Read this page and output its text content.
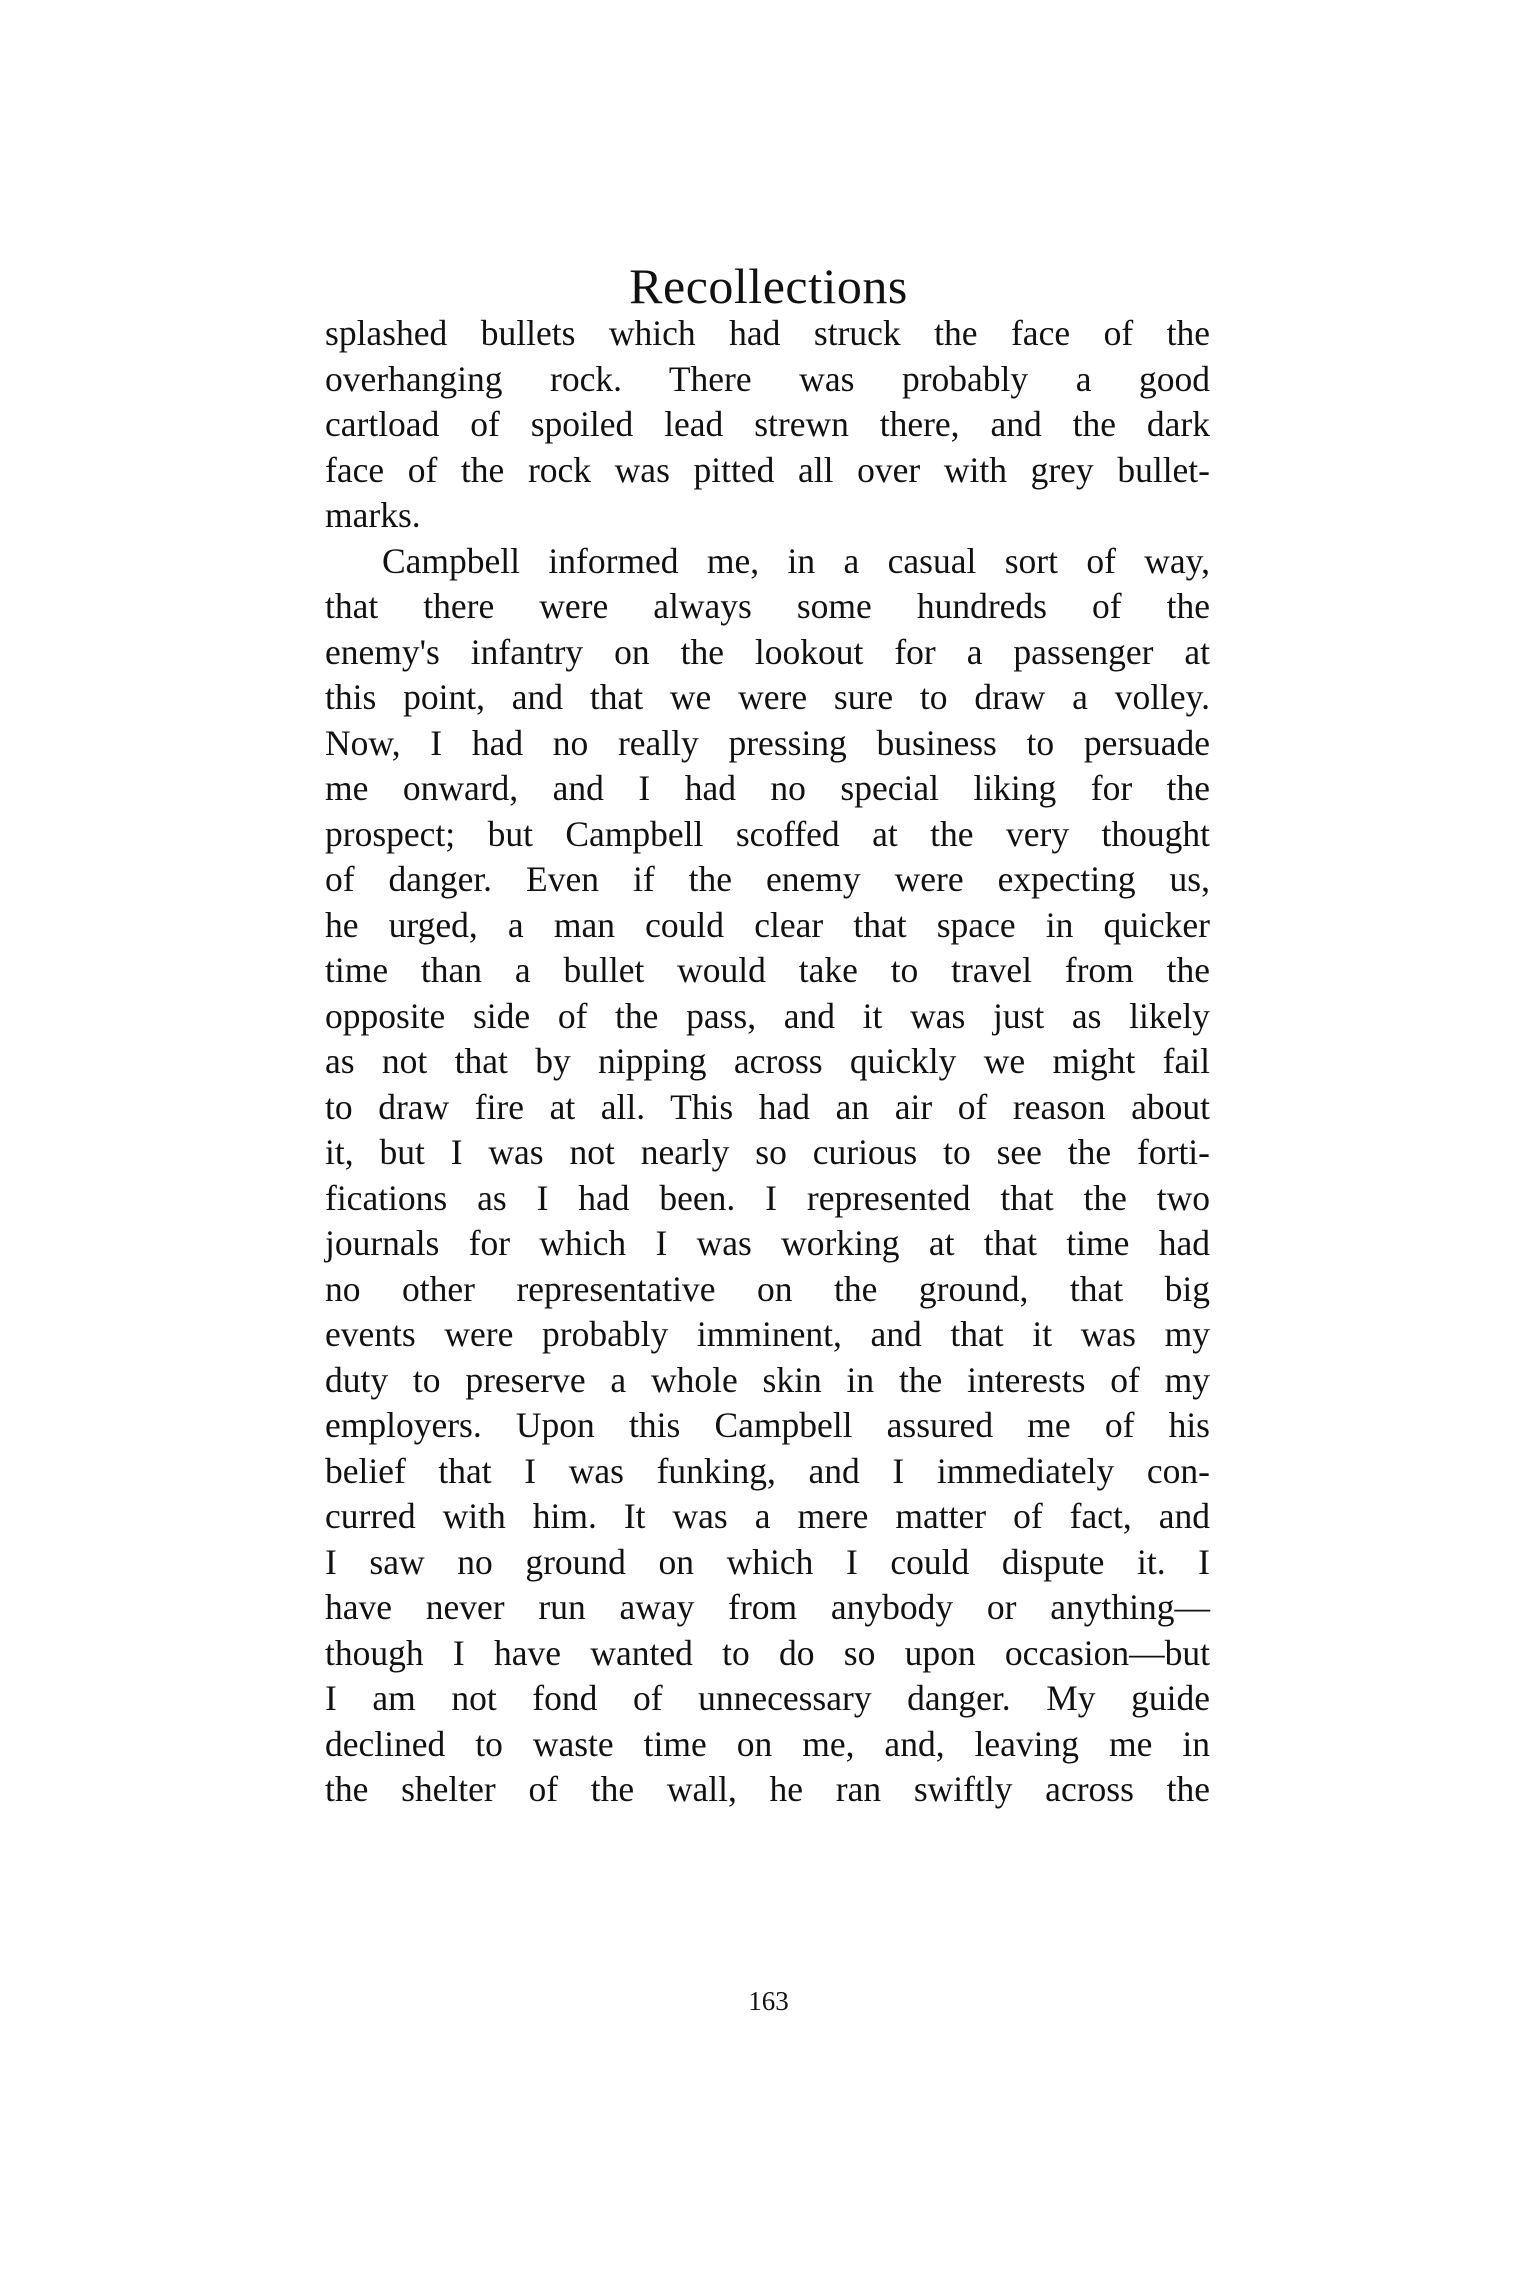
Recollections
splashed bullets which had struck the face of the
overhanging rock. There was probably a good
cartload of spoiled lead strewn there, and the dark
face of the rock was pitted all over with grey bullet-
marks.
Campbell informed me, in a casual sort of way,
that there were always some hundreds of the
enemy's infantry on the lookout for a passenger at
this point, and that we were sure to draw a volley.
Now, I had no really pressing business to persuade
me onward, and I had no special liking for the
prospect; but Campbell scoffed at the very thought
of danger. Even if the enemy were expecting us,
he urged, a man could clear that space in quicker
time than a bullet would take to travel from the
opposite side of the pass, and it was just as likely
as not that by nipping across quickly we might fail
to draw fire at all. This had an air of reason about
it, but I was not nearly so curious to see the forti-
fications as I had been. I represented that the two
journals for which I was working at that time had
no other representative on the ground, that big
events were probably imminent, and that it was my
duty to preserve a whole skin in the interests of my
employers. Upon this Campbell assured me of his
belief that I was funking, and I immediately con-
curred with him. It was a mere matter of fact, and
I saw no ground on which I could dispute it. I
have never run away from anybody or anything—
though I have wanted to do so upon occasion—but
I am not fond of unnecessary danger. My guide
declined to waste time on me, and, leaving me in
the shelter of the wall, he ran swiftly across the
163
